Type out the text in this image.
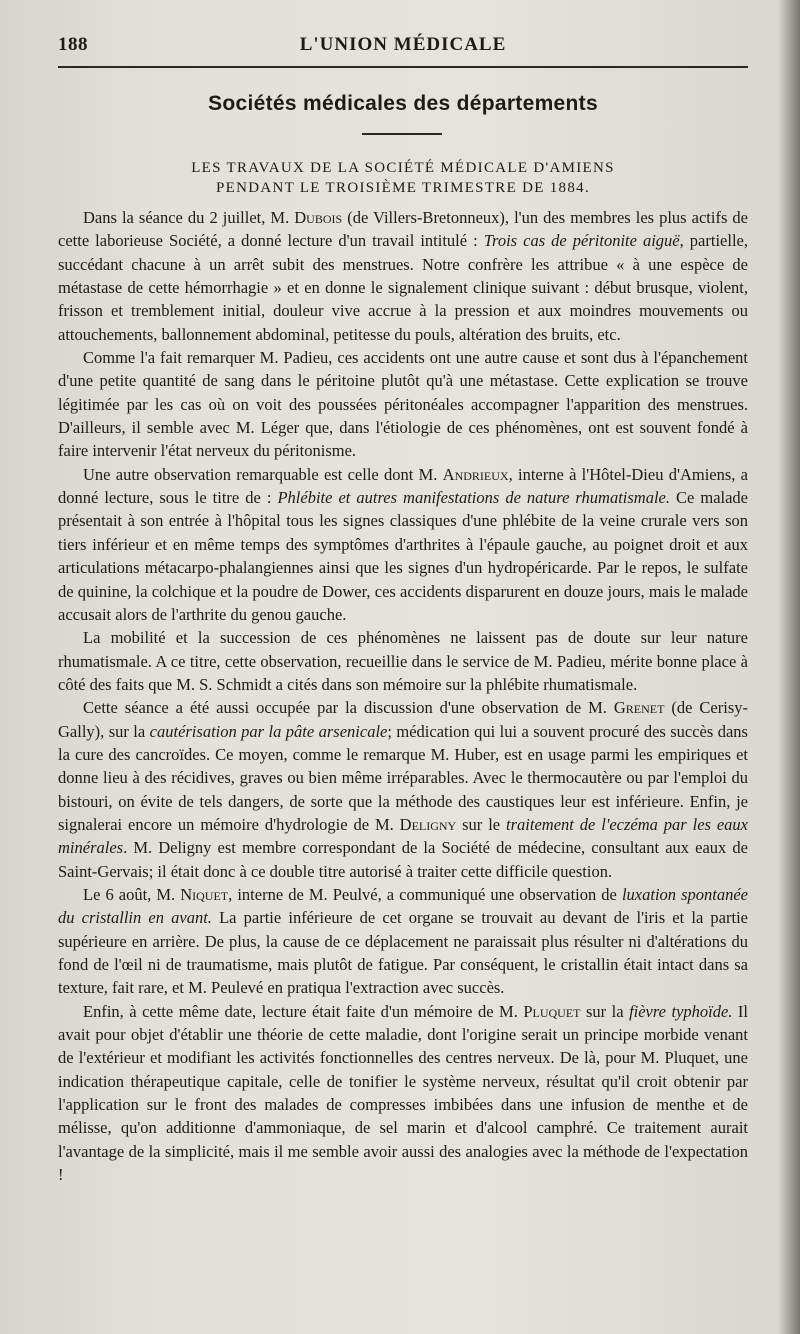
188	L'UNION MÉDICALE
Sociétés médicales des départements
LES TRAVAUX DE LA SOCIÉTÉ MÉDICALE D'AMIENS
PENDANT LE TROISIÈME TRIMESTRE DE 1884.

Dans la séance du 2 juillet, M. Dubois (de Villers-Bretonneux), l'un des membres les plus actifs de cette laborieuse Société, a donné lecture d'un travail intitulé : Trois cas de péritonite aiguë, partielle, succédant chacune à un arrêt subit des menstrues. Notre confrère les attribue « à une espèce de métastase de cette hémorrhagie » et en donne le signalement clinique suivant : début brusque, violent, frisson et tremblement initial, douleur vive accrue à la pression et aux moindres mouvements ou attouchements, ballonnement abdominal, petitesse du pouls, altération des bruits, etc.

Comme l'a fait remarquer M. Padieu, ces accidents ont une autre cause et sont dus à l'épanchement d'une petite quantité de sang dans le péritoine plutôt qu'à une métastase. Cette explication se trouve légitimée par les cas où on voit des poussées péritonéales accompagner l'apparition des menstrues. D'ailleurs, il semble avec M. Léger que, dans l'étiologie de ces phénomènes, ont est souvent fondé à faire intervenir l'état nerveux du péritonisme.

Une autre observation remarquable est celle dont M. Andrieux, interne à l'Hôtel-Dieu d'Amiens, a donné lecture, sous le titre de : Phlébite et autres manifestations de nature rhumatismale. Ce malade présentait à son entrée à l'hôpital tous les signes classiques d'une phlébite de la veine crurale vers son tiers inférieur et en même temps des symptômes d'arthrites à l'épaule gauche, au poignet droit et aux articulations métacarpo-phalangiennes ainsi que les signes d'un hydropéricarde. Par le repos, le sulfate de quinine, la colchique et la poudre de Dower, ces accidents disparurent en douze jours, mais le malade accusait alors de l'arthrite du genou gauche.

La mobilité et la succession de ces phénomènes ne laissent pas de doute sur leur nature rhumatismale. A ce titre, cette observation, recueillie dans le service de M. Padieu, mérite bonne place à côté des faits que M. S. Schmidt a cités dans son mémoire sur la phlébite rhumatismale.

Cette séance a été aussi occupée par la discussion d'une observation de M. Grenet (de Cerisy-Gally), sur la cautérisation par la pâte arsenicale; médication qui lui a souvent procuré des succès dans la cure des cancroïdes. Ce moyen, comme le remarque M. Huber, est en usage parmi les empiriques et donne lieu à des récidives, graves ou bien même irréparables. Avec le thermocautère ou par l'emploi du bistouri, on évite de tels dangers, de sorte que la méthode des caustiques leur est inférieure. Enfin, je signalerai encore un mémoire d'hydrologie de M. Deligny sur le traitement de l'eczéma par les eaux minérales. M. Deligny est membre correspondant de la Société de médecine, consultant aux eaux de Saint-Gervais; il était donc à ce double titre autorisé à traiter cette difficile question.

Le 6 août, M. Niquet, interne de M. Peulvé, a communiqué une observation de luxation spontanée du cristallin en avant. La partie inférieure de cet organe se trouvait au devant de l'iris et la partie supérieure en arrière. De plus, la cause de ce déplacement ne paraissait plus résulter ni d'altérations du fond de l'œil ni de traumatisme, mais plutôt de fatigue. Par conséquent, le cristallin était intact dans sa texture, fait rare, et M. Peulevé en pratiqua l'extraction avec succès.

Enfin, à cette même date, lecture était faite d'un mémoire de M. Pluquet sur la fièvre typhoïde. Il avait pour objet d'établir une théorie de cette maladie, dont l'origine serait un principe morbide venant de l'extérieur et modifiant les activités fonctionnelles des centres nerveux. De là, pour M. Pluquet, une indication thérapeutique capitale, celle de tonifier le système nerveux, résultat qu'il croit obtenir par l'application sur le front des malades de compresses imbibées dans une infusion de menthe et de mélisse, qu'on additionne d'ammoniaque, de sel marin et d'alcool camphré. Ce traitement aurait l'avantage de la simplicité, mais il me semble avoir aussi des analogies avec la méthode de l'expectation !
